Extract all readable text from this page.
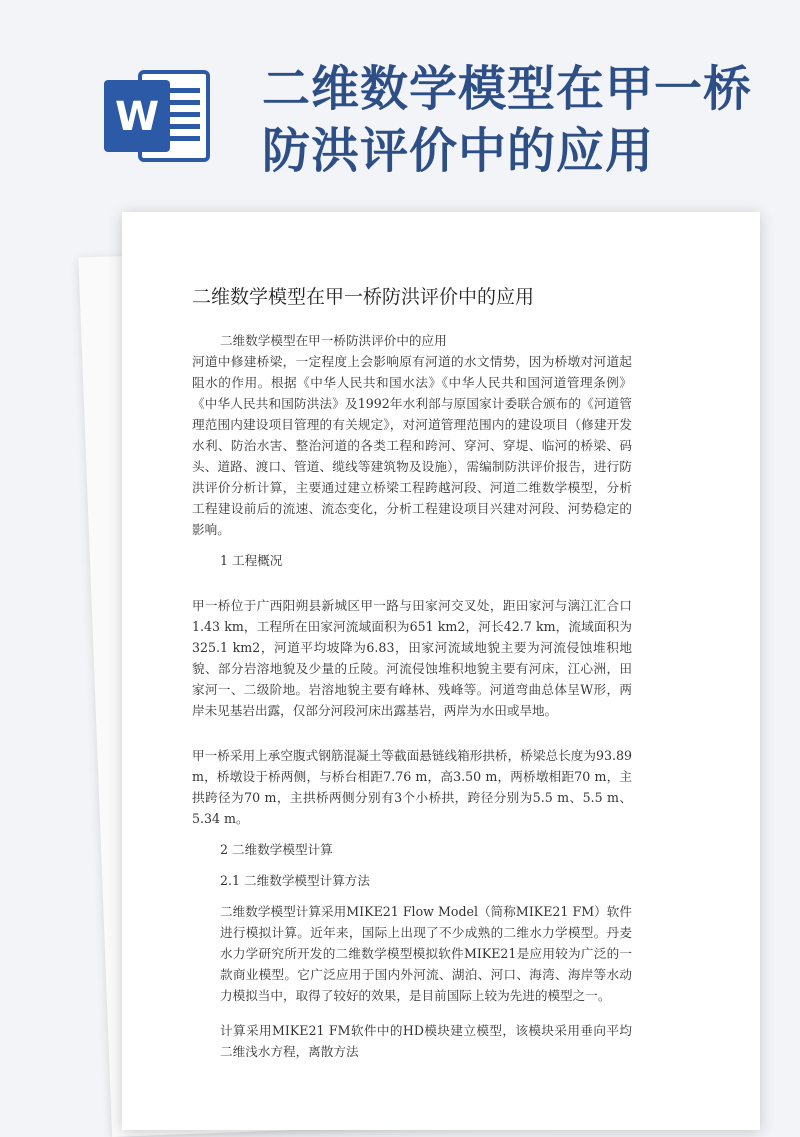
W 二维数学模型在甲一桥防洪评价中的应用
二维数学模型在甲一桥防洪评价中的应用

二维数学模型在甲一桥防洪评价中的应用

河道中修建桥梁，一定程度上会影响原有河道的水文情势，因为桥墩对河道起阻水的作用。根据《中华人民共和国水法》《中华人民共和国河道管理条例》《中华人民共和国防洪法》及1992年水利部与原国家计委联合颁布的《河道管理范围内建设项目管理的有关规定》，对河道管理范围内的建设项目（修建开发水利、防治水害、整治河道的各类工程和跨河、穿河、穿堤、临河的桥梁、码头、道路、渡口、管道、缆线等建筑物及设施），需编制防洪评价报告，进行防洪评价分析计算，主要通过建立桥梁工程跨越河段、河道二维数学模型，分析工程建设前后的流速、流态变化，分析工程建设项目兴建对河段、河势稳定的影响。

1 工程概况

甲一桥位于广西阳朔县新城区甲一路与田家河交叉处，距田家河与漓江汇合口1.43 km，工程所在田家河流域面积为651 km2，河长42.7 km，流域面积为325.1 km2，河道平均坡降为6.83，田家河流域地貌主要为河流侵蚀堆积地貌、部分岩溶地貌及少量的丘陵。河流侵蚀堆积地貌主要有河床，江心洲，田家河一、二级阶地。岩溶地貌主要有峰林、残峰等。河道弯曲总体呈W形，两岸未见基岩出露，仅部分河段河床出露基岩，两岸为水田或旱地。

甲一桥采用上承空腹式钢筋混凝土等截面悬链线箱形拱桥，桥梁总长度为93.89 m，桥墩设于桥两侧，与桥台相距7.76 m，高3.50 m，两桥墩相距70 m，主拱跨径为70 m，主拱桥两侧分别有3个小桥拱，跨径分别为5.5 m、5.5 m、5.34 m。

2 二维数学模型计算

2.1 二维数学模型计算方法

二维数学模型计算采用MIKE21 Flow Model（简称MIKE21 FM）软件进行模拟计算。近年来，国际上出现了不少成熟的二维水力学模型。丹麦水力学研究所开发的二维数学模型模拟软件MIKE21是应用较为广泛的一款商业模型。它广泛应用于国内外河流、湖泊、河口、海湾、海岸等水动力模拟当中，取得了较好的效果，是目前国际上较为先进的模型之一。

计算采用MIKE21 FM软件中的HD模块建立模型，该模块采用垂向平均二维浅水方程，离散方法
